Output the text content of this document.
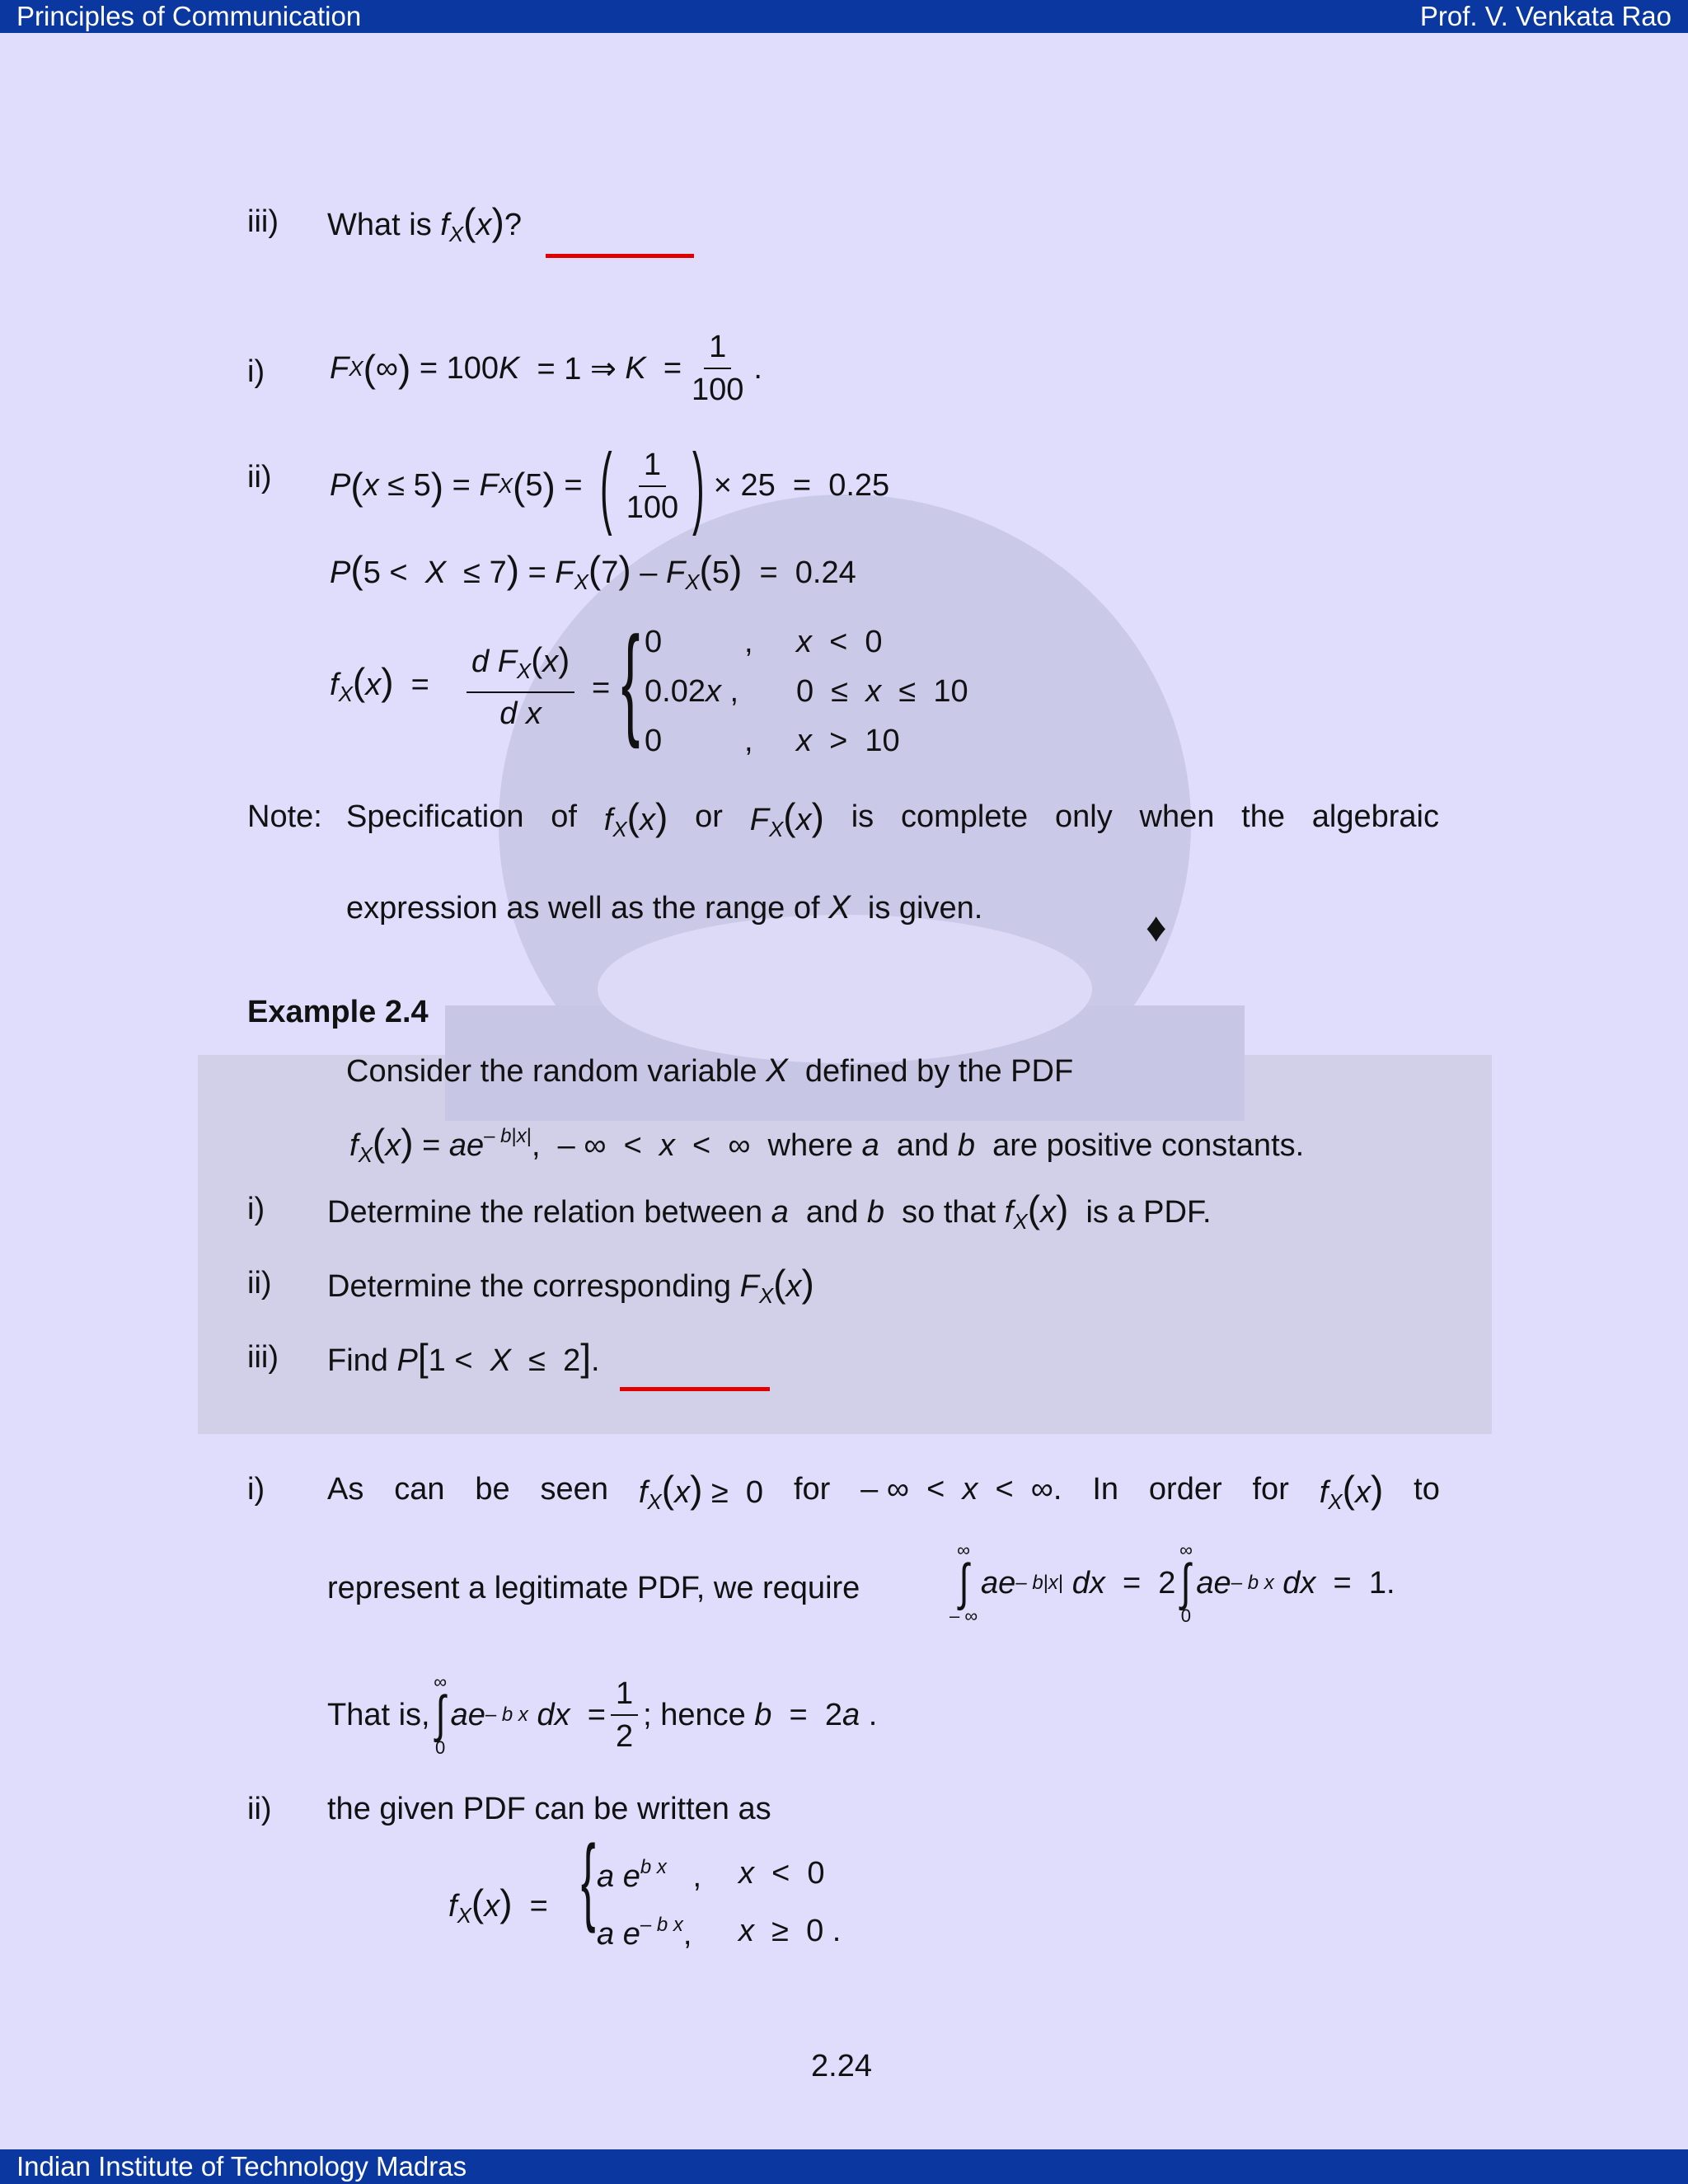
Principles of Communication	Prof. V. Venkata Rao
iii) What is $f_X(x)$?
i) F X ( ∞ ) = 100 K = 1 ⇒ $K = \frac{1}{100}$ .
ii) P ( x ≤ 5 ) = F X ( 5 ) = ( $\frac{1}{100}$ ) × 25  =  0.25
$P(5 < X \le 7) = F_X(7) - F_X(5) = 0.24$
$f_X(x) = \frac{d F_X(x)}{\text{d x}}$ = { 0	, x  <  0
0.02x , 0  ≤  x  ≤  10
0	, x  >  10
Note: Specification of $f_X(x)$ or $F_X(x)$ is complete only when the algebraic
expression as well as the range of X is given.	♦
Example 2.4
Consider the random variable X defined by the PDF
$f_X(x) = ae^{- b|x|}$,  – ∞  <  x  <  ∞  where a and b are positive constants.
i) Determine the relation between a and b so that $f_X(x)$ is a PDF.
ii) Determine the corresponding $F_X(x)$
iii) Find P[1 <  X  ≤  2].
i) As can be seen $f_X(x) \ge 0$ for – ∞  <  x  <  ∞. In order for $f_X(x)$ to
represent a legitimate PDF, we require
∞
∫
– ∞
a e – b|x|
dx =  2
∞
∫
0
a e – b x
dx =  1.
That is,
∞
∫
0
a e – b x
dx = $\frac{1}{2}$ ; hence
b =  2 a .
ii) the given PDF can be written as
$f_X(x)$  = { a $e^{b x}$   , x  <  0
a $e^{- b x}$, x  ≥  0 .
2.24
Indian Institute of Technology Madras
